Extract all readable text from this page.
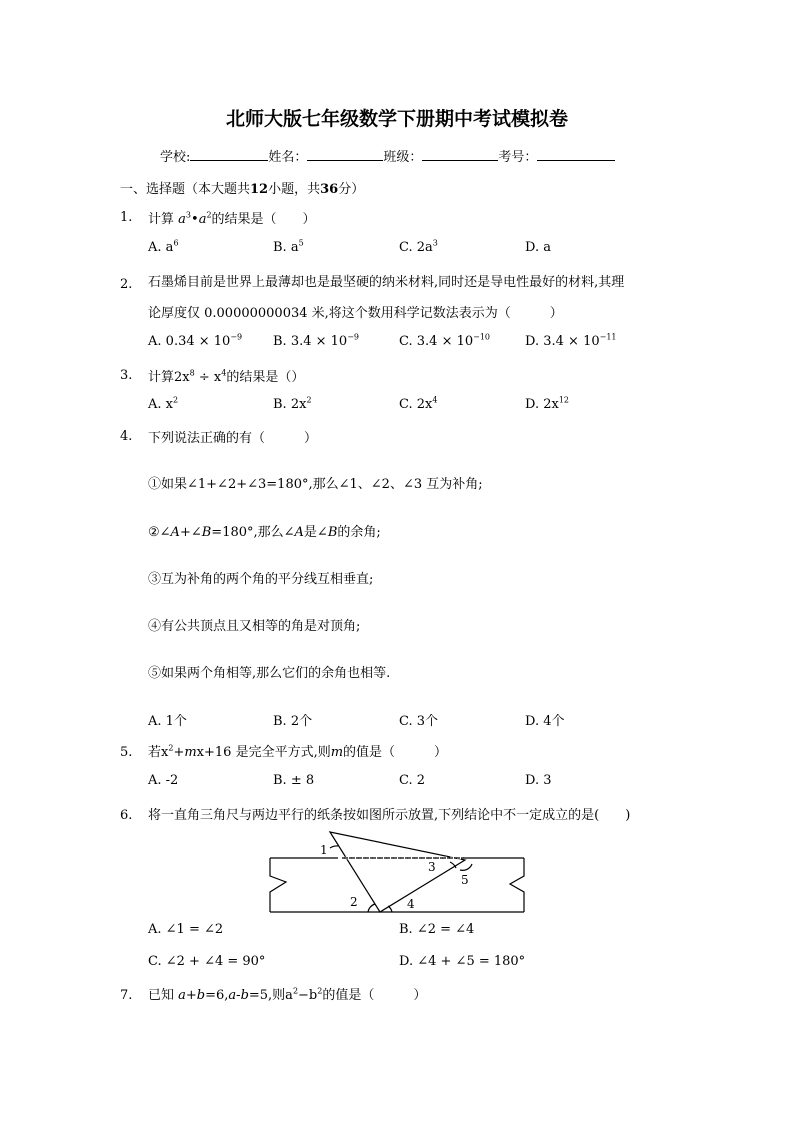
北师大版七年级数学下册期中考试模拟卷
学校:	姓名：	班级：	考号：
一、选择题（本大题共12小题，共36分）
1. 计算 $a^3•a^2$的结果是（　　）
A. $a^6$	B. $a^5$	C. $2a^3$	D. a
2. 石墨烯目前是世界上最薄却也是最坚硬的纳米材料,同时还是导电性最好的材料,其理
论厚度仅 0.00000000034 米,将这个数用科学记数法表示为（　　　）
A. $0.34 \times 10^{-9}$ B. $3.4 \times 10^{-9}$	C. $3.4 \times 10^{-10}$	D. $3.4 \times 10^{-11}$
3. 计算$2x^8 \div x^4$的结果是（）
A. $x^2$	B. $2x^2$	C. $2x^4$	D. $2x^{12}$
4. 下列说法正确的有（　　　）
①如果∠1+∠2+∠3=180°,那么∠1、∠2、∠3 互为补角;
②∠A+∠B=180°,那么∠A是∠B的余角;
③互为补角的两个角的平分线互相垂直;
④有公共顶点且又相等的角是对顶角;
⑤如果两个角相等,那么它们的余角也相等.
A. 1个	B. 2个	C. 3个	D. 4个
5. 若$x^2+mx+16$ 是完全平方式,则m的值是（　　　）
A. -2	B. ± 8	C. 2	D. 3
6. 将一直角三角尺与两边平行的纸条按如图所示放置,下列结论中不一定成立的是(　　)
1
2
3
4
5
A. ∠1 = ∠2	B. ∠2 = ∠4
C. ∠2 + ∠4 = 90°	D. ∠4 + ∠5 = 180°
7. 已知 a+b=6,a-b=5,则$a^2-b^2$的值是（　　　）
